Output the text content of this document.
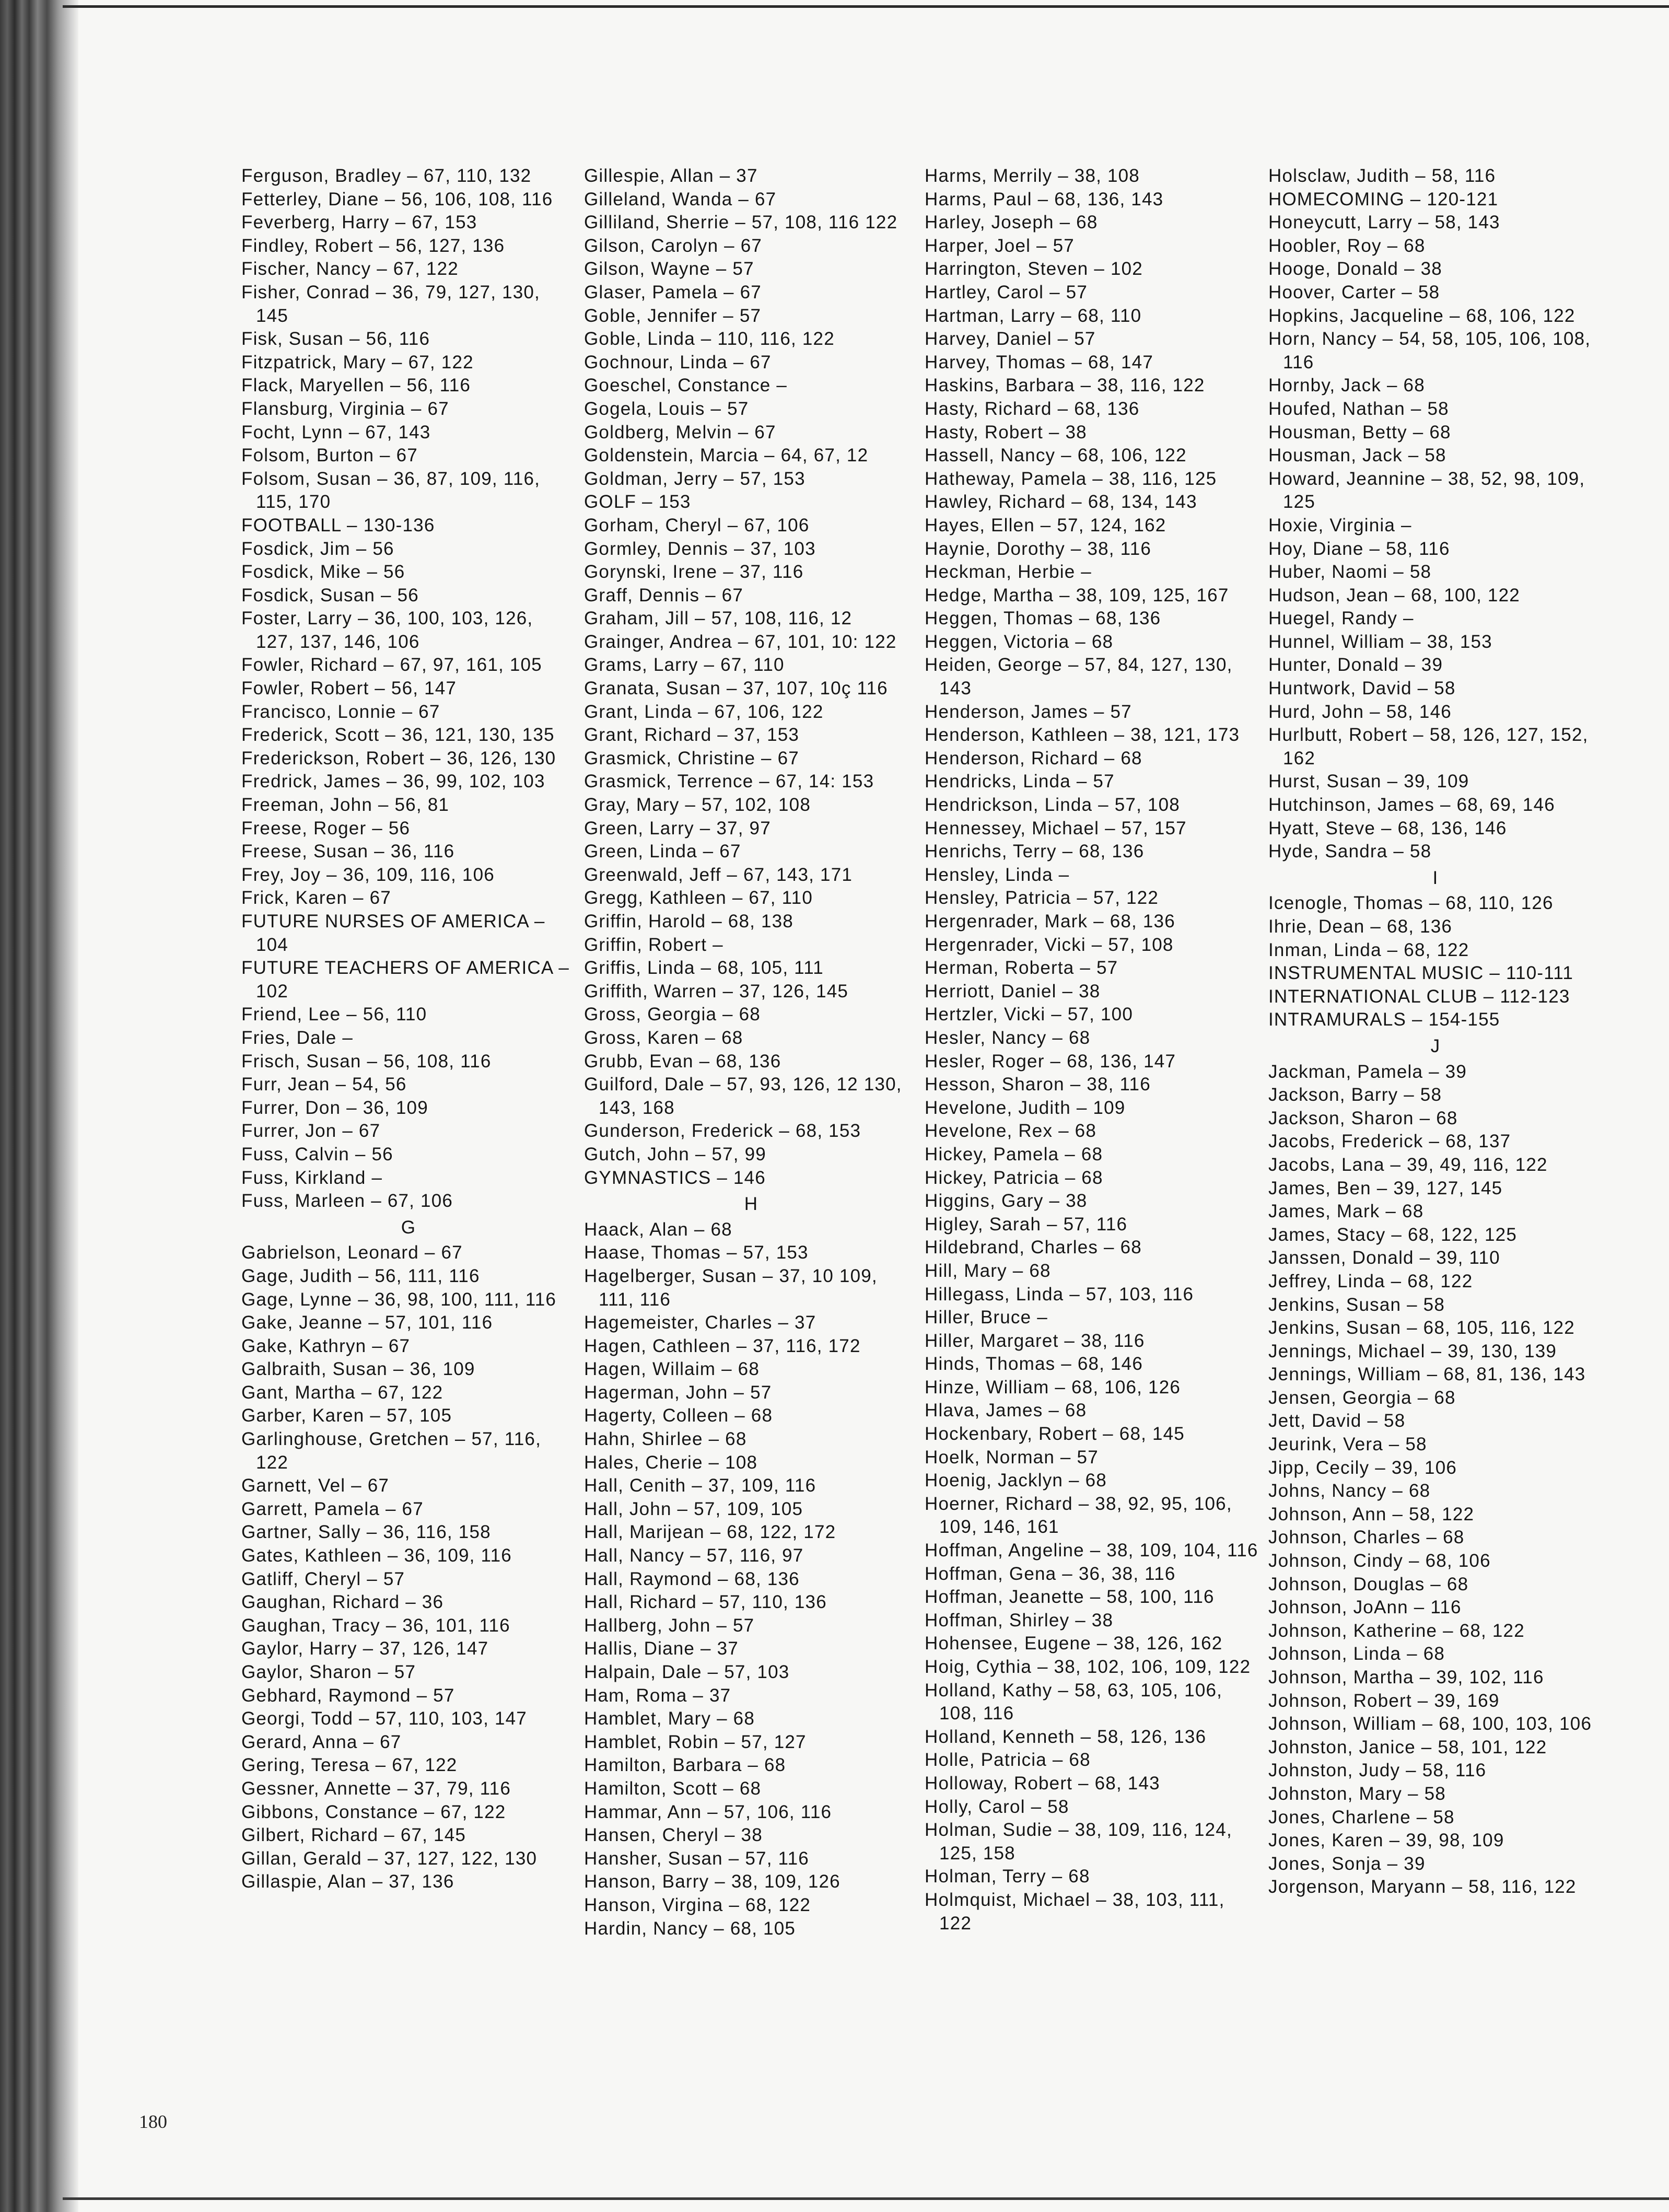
Ferguson, Bradley – 67, 110, 132
Fetterley, Diane – 56, 106, 108, 116
Feverberg, Harry – 67, 153
Findley, Robert – 56, 127, 136
Fischer, Nancy – 67, 122
Fisher, Conrad – 36, 79, 127, 130, 145
Fisk, Susan – 56, 116
Fitzpatrick, Mary – 67, 122
Flack, Maryellen – 56, 116
Flansburg, Virginia – 67
Focht, Lynn – 67, 143
Folsom, Burton – 67
Folsom, Susan – 36, 87, 109, 116, 115, 170
FOOTBALL – 130-136
Fosdick, Jim – 56
Fosdick, Mike – 56
Fosdick, Susan – 56
Foster, Larry – 36, 100, 103, 126, 127, 137, 146, 106
Fowler, Richard – 67, 97, 161, 105
Fowler, Robert – 56, 147
Francisco, Lonnie – 67
Frederick, Scott – 36, 121, 130, 135
Frederickson, Robert – 36, 126, 130
Fredrick, James – 36, 99, 102, 103
Freeman, John – 56, 81
Freese, Roger – 56
Freese, Susan – 36, 116
Frey, Joy – 36, 109, 116, 106
Frick, Karen – 67
FUTURE NURSES OF AMERICA – 104
FUTURE TEACHERS OF AMERICA – 102
Friend, Lee – 56, 110
Fries, Dale –
Frisch, Susan – 56, 108, 116
Furr, Jean – 54, 56
Furrer, Don – 36, 109
Furrer, Jon – 67
Fuss, Calvin – 56
Fuss, Kirkland –
Fuss, Marleen – 67, 106
G
Gabrielson, Leonard – 67
Gage, Judith – 56, 111, 116
Gage, Lynne – 36, 98, 100, 111, 116
Gake, Jeanne – 57, 101, 116
Gake, Kathryn – 67
Galbraith, Susan – 36, 109
Gant, Martha – 67, 122
Garber, Karen – 57, 105
Garlinghouse, Gretchen – 57, 116, 122
Garnett, Vel – 67
Garrett, Pamela – 67
Gartner, Sally – 36, 116, 158
Gates, Kathleen – 36, 109, 116
Gatliff, Cheryl – 57
Gaughan, Richard – 36
Gaughan, Tracy – 36, 101, 116
Gaylor, Harry – 37, 126, 147
Gaylor, Sharon – 57
Gebhard, Raymond – 57
Georgi, Todd – 57, 110, 103, 147
Gerard, Anna – 67
Gering, Teresa – 67, 122
Gessner, Annette – 37, 79, 116
Gibbons, Constance – 67, 122
Gilbert, Richard – 67, 145
Gillan, Gerald – 37, 127, 122, 130
Gillaspie, Alan – 37, 136
Gillespie, Allan – 37
Gilleland, Wanda – 67
Gilliland, Sherrie – 57, 108, 116 122
Gilson, Carolyn – 67
Gilson, Wayne – 57
Glaser, Pamela – 67
Goble, Jennifer – 57
Goble, Linda – 110, 116, 122
Gochnour, Linda – 67
Goeschel, Constance –
Gogela, Louis – 57
Goldberg, Melvin – 67
Goldenstein, Marcia – 64, 67, 12
Goldman, Jerry – 57, 153
GOLF – 153
Gorham, Cheryl – 67, 106
Gormley, Dennis – 37, 103
Gorynski, Irene – 37, 116
Graff, Dennis – 67
Graham, Jill – 57, 108, 116, 12
Grainger, Andrea – 67, 101, 10: 122
Grams, Larry – 67, 110
Granata, Susan – 37, 107, 10ç 116
Grant, Linda – 67, 106, 122
Grant, Richard – 37, 153
Grasmick, Christine – 67
Grasmick, Terrence – 67, 14: 153
Gray, Mary – 57, 102, 108
Green, Larry – 37, 97
Green, Linda – 67
Greenwald, Jeff – 67, 143, 171
Gregg, Kathleen – 67, 110
Griffin, Harold – 68, 138
Griffin, Robert –
Griffis, Linda – 68, 105, 111
Griffith, Warren – 37, 126, 145
Gross, Georgia – 68
Gross, Karen – 68
Grubb, Evan – 68, 136
Guilford, Dale – 57, 93, 126, 12 130, 143, 168
Gunderson, Frederick – 68, 153
Gutch, John – 57, 99
GYMNASTICS – 146
H
Haack, Alan – 68
Haase, Thomas – 57, 153
Hagelberger, Susan – 37, 10 109, 111, 116
Hagemeister, Charles – 37
Hagen, Cathleen – 37, 116, 172
Hagen, Willaim – 68
Hagerman, John – 57
Hagerty, Colleen – 68
Hahn, Shirlee – 68
Hales, Cherie – 108
Hall, Cenith – 37, 109, 116
Hall, John – 57, 109, 105
Hall, Marijean – 68, 122, 172
Hall, Nancy – 57, 116, 97
Hall, Raymond – 68, 136
Hall, Richard – 57, 110, 136
Hallberg, John – 57
Hallis, Diane – 37
Halpain, Dale – 57, 103
Ham, Roma – 37
Hamblet, Mary – 68
Hamblet, Robin – 57, 127
Hamilton, Barbara – 68
Hamilton, Scott – 68
Hammar, Ann – 57, 106, 116
Hansen, Cheryl – 38
Hansher, Susan – 57, 116
Hanson, Barry – 38, 109, 126
Hanson, Virgina – 68, 122
Hardin, Nancy – 68, 105
Harms, Merrily – 38, 108
Harms, Paul – 68, 136, 143
Harley, Joseph – 68
Harper, Joel – 57
Harrington, Steven – 102
Hartley, Carol – 57
Hartman, Larry – 68, 110
Harvey, Daniel – 57
Harvey, Thomas – 68, 147
Haskins, Barbara – 38, 116, 122
Hasty, Richard – 68, 136
Hasty, Robert – 38
Hassell, Nancy – 68, 106, 122
Hatheway, Pamela – 38, 116, 125
Hawley, Richard – 68, 134, 143
Hayes, Ellen – 57, 124, 162
Haynie, Dorothy – 38, 116
Heckman, Herbie –
Hedge, Martha – 38, 109, 125, 167
Heggen, Thomas – 68, 136
Heggen, Victoria – 68
Heiden, George – 57, 84, 127, 130, 143
Henderson, James – 57
Henderson, Kathleen – 38, 121, 173
Henderson, Richard – 68
Hendricks, Linda – 57
Hendrickson, Linda – 57, 108
Hennessey, Michael – 57, 157
Henrichs, Terry – 68, 136
Hensley, Linda –
Hensley, Patricia – 57, 122
Hergenrader, Mark – 68, 136
Hergenrader, Vicki – 57, 108
Herman, Roberta – 57
Herriott, Daniel – 38
Hertzler, Vicki – 57, 100
Hesler, Nancy – 68
Hesler, Roger – 68, 136, 147
Hesson, Sharon – 38, 116
Hevelone, Judith – 109
Hevelone, Rex – 68
Hickey, Pamela – 68
Hickey, Patricia – 68
Higgins, Gary – 38
Higley, Sarah – 57, 116
Hildebrand, Charles – 68
Hill, Mary – 68
Hillegass, Linda – 57, 103, 116
Hiller, Bruce –
Hiller, Margaret – 38, 116
Hinds, Thomas – 68, 146
Hinze, William – 68, 106, 126
Hlava, James – 68
Hockenbary, Robert – 68, 145
Hoelk, Norman – 57
Hoenig, Jacklyn – 68
Hoerner, Richard – 38, 92, 95, 106, 109, 146, 161
Hoffman, Angeline – 38, 109, 104, 116
Hoffman, Gena – 36, 38, 116
Hoffman, Jeanette – 58, 100, 116
Hoffman, Shirley – 38
Hohensee, Eugene – 38, 126, 162
Hoig, Cythia – 38, 102, 106, 109, 122
Holland, Kathy – 58, 63, 105, 106, 108, 116
Holland, Kenneth – 58, 126, 136
Holle, Patricia – 68
Holloway, Robert – 68, 143
Holly, Carol – 58
Holman, Sudie – 38, 109, 116, 124, 125, 158
Holman, Terry – 68
Holmquist, Michael – 38, 103, 111, 122
Holsclaw, Judith – 58, 116
HOMECOMING – 120-121
Honeycutt, Larry – 58, 143
Hoobler, Roy – 68
Hooge, Donald – 38
Hoover, Carter – 58
Hopkins, Jacqueline – 68, 106, 122
Horn, Nancy – 54, 58, 105, 106, 108, 116
Hornby, Jack – 68
Houfed, Nathan – 58
Housman, Betty – 68
Housman, Jack – 58
Howard, Jeannine – 38, 52, 98, 109, 125
Hoxie, Virginia –
Hoy, Diane – 58, 116
Huber, Naomi – 58
Hudson, Jean – 68, 100, 122
Huegel, Randy –
Hunnel, William – 38, 153
Hunter, Donald – 39
Huntwork, David – 58
Hurd, John – 58, 146
Hurlbutt, Robert – 58, 126, 127, 152, 162
Hurst, Susan – 39, 109
Hutchinson, James – 68, 69, 146
Hyatt, Steve – 68, 136, 146
Hyde, Sandra – 58
I
Icenogle, Thomas – 68, 110, 126
Ihrie, Dean – 68, 136
Inman, Linda – 68, 122
INSTRUMENTAL MUSIC – 110-111
INTERNATIONAL CLUB – 112-123
INTRAMURALS – 154-155
J
Jackman, Pamela – 39
Jackson, Barry – 58
Jackson, Sharon – 68
Jacobs, Frederick – 68, 137
Jacobs, Lana – 39, 49, 116, 122
James, Ben – 39, 127, 145
James, Mark – 68
James, Stacy – 68, 122, 125
Janssen, Donald – 39, 110
Jeffrey, Linda – 68, 122
Jenkins, Susan – 58
Jenkins, Susan – 68, 105, 116, 122
Jennings, Michael – 39, 130, 139
Jennings, William – 68, 81, 136, 143
Jensen, Georgia – 68
Jett, David – 58
Jeurink, Vera – 58
Jipp, Cecily – 39, 106
Johns, Nancy – 68
Johnson, Ann – 58, 122
Johnson, Charles – 68
Johnson, Cindy – 68, 106
Johnson, Douglas – 68
Johnson, JoAnn – 116
Johnson, Katherine – 68, 122
Johnson, Linda – 68
Johnson, Martha – 39, 102, 116
Johnson, Robert – 39, 169
Johnson, William – 68, 100, 103, 106
Johnston, Janice – 58, 101, 122
Johnston, Judy – 58, 116
Johnston, Mary – 58
Jones, Charlene – 58
Jones, Karen – 39, 98, 109
Jones, Sonja – 39
Jorgenson, Maryann – 58, 116, 122
180
